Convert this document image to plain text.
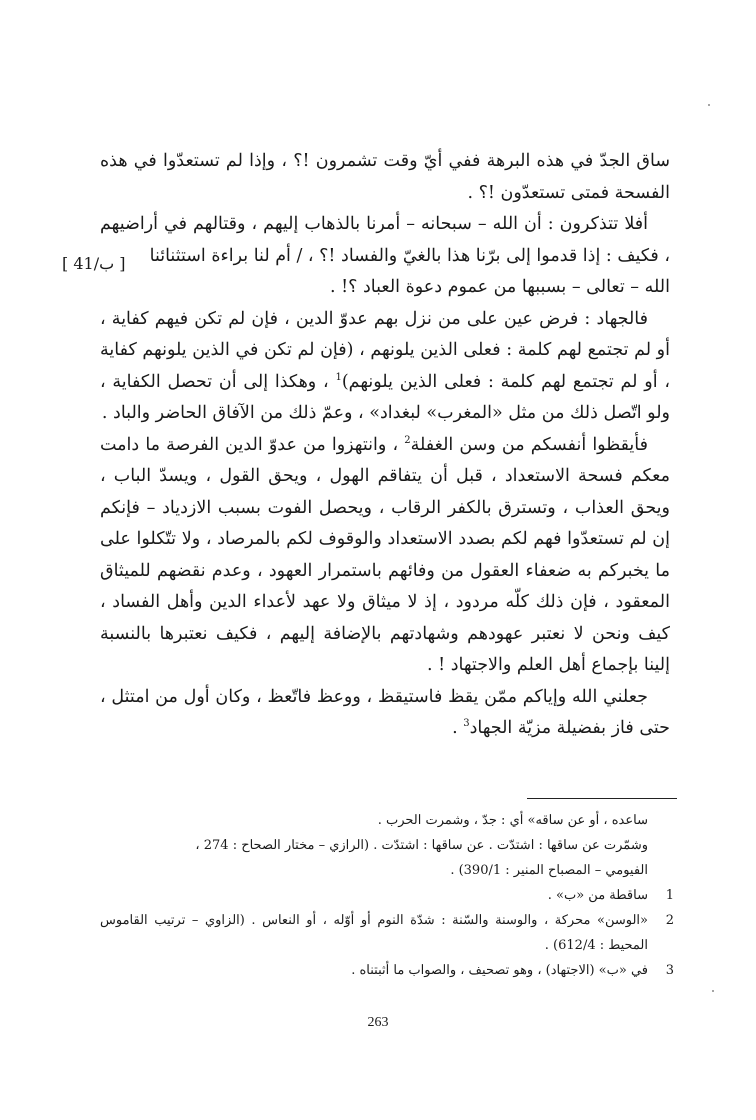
ساق الجدّ في هذه البرهة ففي أيّ وقت تشمرون !؟ ، وإذا لم تستعدّوا في هذه الفسحة فمتى تستعدّون !؟ .

أفلا تتذكرون : أن الله – سبحانه – أمرنا بالذهاب إليهم ، وقتالهم في أراضيهم ، فكيف : إذا قدموا إلى برّنا هذا بالغيّ والفساد !؟ ، / أم لنا براءة استثنائنا
الله – تعالى – بسببها من عموم دعوة العباد ؟! .

فالجهاد : فرض عين على من نزل بهم عدوّ الدين ، فإن لم تكن فيهم كفاية ، أو لم تجتمع لهم كلمة : فعلى الذين يلونهم ، (فإن لم تكن في الذين يلونهم كفاية ، أو لم تجتمع لهم كلمة : فعلى الذين يلونهم)$^1$ ، وهكذا إلى أن تحصل الكفاية ، ولو اتّصل ذلك من مثل «المغرب» لبغداد» ، وعمّ ذلك من الآفاق الحاضر والباد .

فأيقظوا أنفسكم من وسن الغفلة$^2$ ، وانتهزوا من عدوّ الدين الفرصة ما دامت معكم فسحة الاستعداد ، قبل أن يتفاقم الهول ، ويحق القول ، ويسدّ الباب ، ويحق العذاب ، وتسترق بالكفر الرقاب ، ويحصل الفوت بسبب الازدياد – فإنكم إن لم تستعدّوا فهم لكم بصدد الاستعداد والوقوف لكم بالمرصاد ، ولا تتّكلوا على ما يخبركم به ضعفاء العقول من وفائهم باستمرار العهود ، وعدم نقضهم للميثاق المعقود ، فإن ذلك كلّه مردود ، إذ لا ميثاق ولا عهد لأعداء الدين وأهل الفساد ، كيف ونحن لا نعتبر عهودهم وشهادتهم بالإضافة إليهم ، فكيف نعتبرها بالنسبة إلينا بإجماع أهل العلم والاجتهاد ! .

جعلني الله وإياكم ممّن يقظ فاستيقظ ، ووعظ فاتّعظ ، وكان أول من امتثل ، حتى فاز بفضيلة مزيّة الجهاد$^3$ .

[ 41/ب ]
ساعده ، أو عن ساقه» أي : جدّ ، وشمرت الحرب .
وشمّرت عن ساقها : اشتدّت . عن ساقها : اشتدّت . (الرازي – مختار الصحاح : 274 ،
الفيومي – المصباح المنير : 390/1) .
1
ساقطة من «ب» .
2
«الوسن» محركة ، والوسنة والسّنة : شدّة النوم أو أوّله ، أو النعاس . (الزاوي – ترتيب القاموس المحيط : 612/4) .
3
في «ب» (الاجتهاد) ، وهو تصحيف ، والصواب ما أثبتناه .
263
